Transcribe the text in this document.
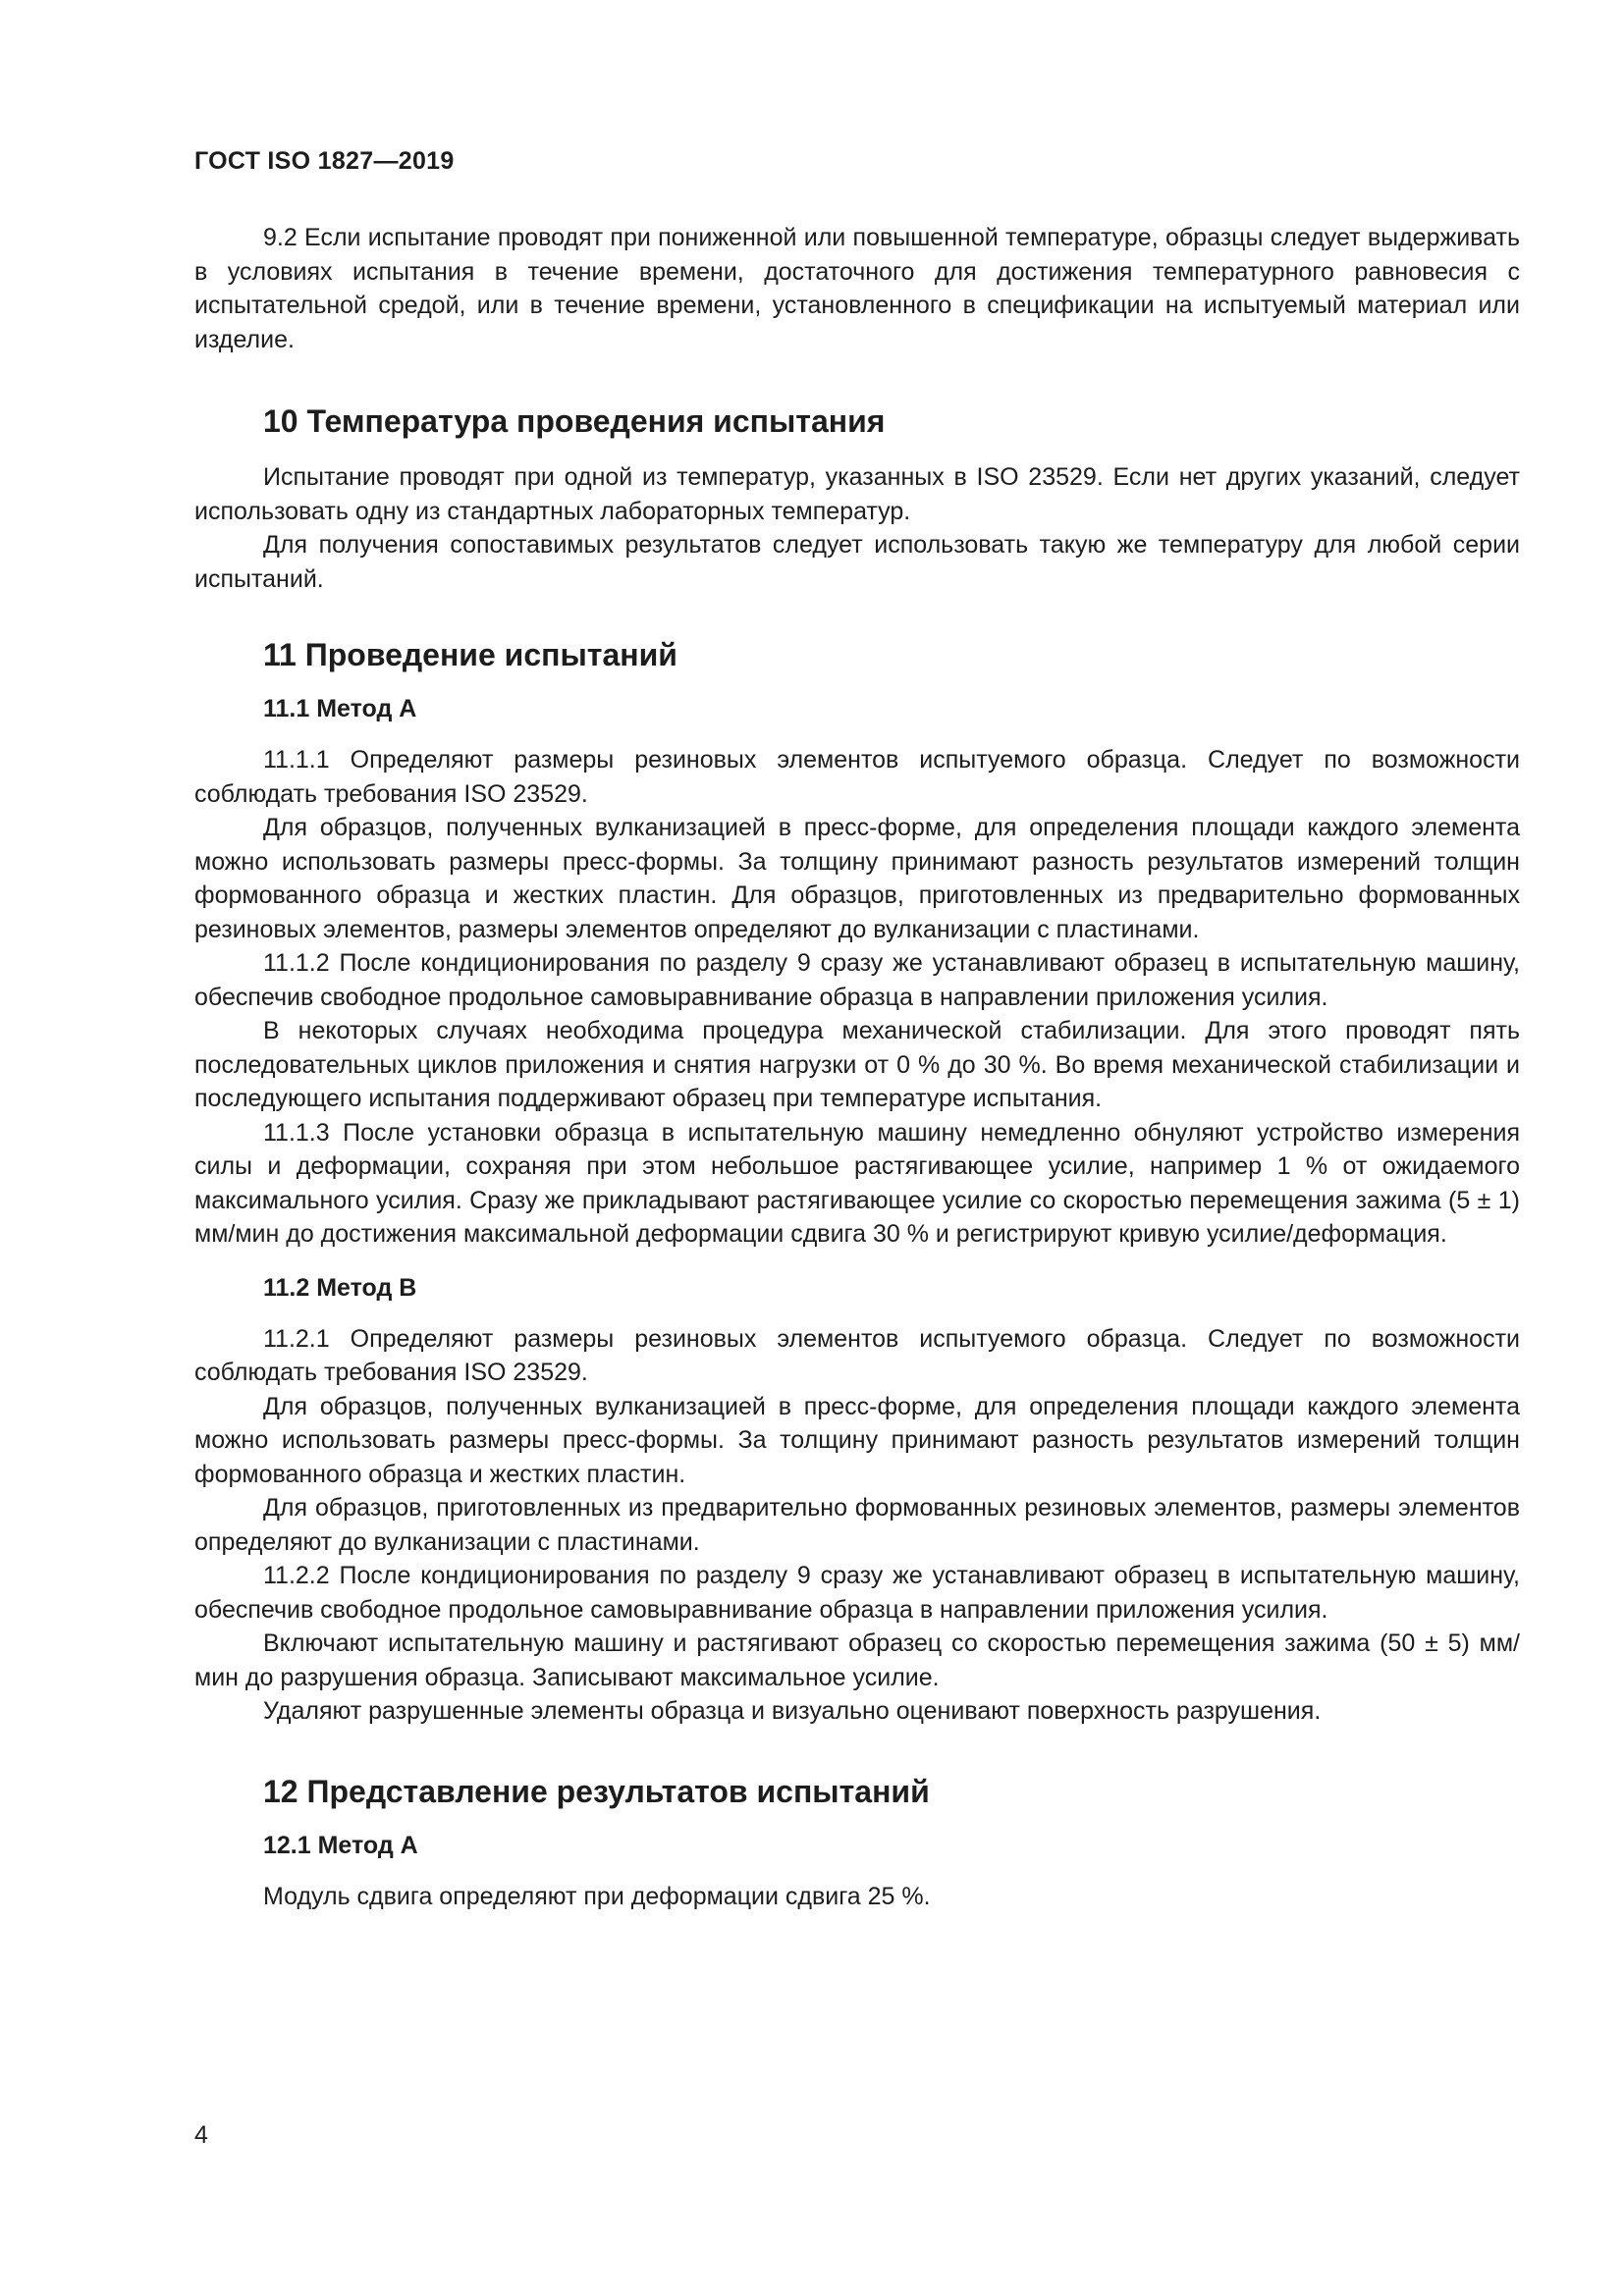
ГОСТ ISO 1827—2019

9.2 Если испытание проводят при пониженной или повышенной температуре, образцы следует выдерживать в условиях испытания в течение времени, достаточного для достижения температурного равновесия с испытательной средой, или в течение времени, установленного в спецификации на испытуемый материал или изделие.

10 Температура проведения испытания

Испытание проводят при одной из температур, указанных в ISO 23529. Если нет других указаний, следует использовать одну из стандартных лабораторных температур.

Для получения сопоставимых результатов следует использовать такую же температуру для любой серии испытаний.

11 Проведение испытаний
11.1 Метод А

11.1.1 Определяют размеры резиновых элементов испытуемого образца. Следует по возможности соблюдать требования ISO 23529.

Для образцов, полученных вулканизацией в пресс-форме, для определения площади каждого элемента можно использовать размеры пресс-формы. За толщину принимают разность результатов измерений толщин формованного образца и жестких пластин. Для образцов, приготовленных из предварительно формованных резиновых элементов, размеры элементов определяют до вулканизации с пластинами.

11.1.2 После кондиционирования по разделу 9 сразу же устанавливают образец в испытательную машину, обеспечив свободное продольное самовыравнивание образца в направлении приложения усилия.

В некоторых случаях необходима процедура механической стабилизации. Для этого проводят пять последовательных циклов приложения и снятия нагрузки от 0 % до 30 %. Во время механической стабилизации и последующего испытания поддерживают образец при температуре испытания.

11.1.3 После установки образца в испытательную машину немедленно обнуляют устройство измерения силы и деформации, сохраняя при этом небольшое растягивающее усилие, например 1 % от ожидаемого максимального усилия. Сразу же прикладывают растягивающее усилие со скоростью перемещения зажима (5 ± 1) мм/мин до достижения максимальной деформации сдвига 30 % и регистрируют кривую усилие/деформация.

11.2 Метод В

11.2.1 Определяют размеры резиновых элементов испытуемого образца. Следует по возможности соблюдать требования ISO 23529.

Для образцов, полученных вулканизацией в пресс-форме, для определения площади каждого элемента можно использовать размеры пресс-формы. За толщину принимают разность результатов измерений толщин формованного образца и жестких пластин.

Для образцов, приготовленных из предварительно формованных резиновых элементов, размеры элементов определяют до вулканизации с пластинами.

11.2.2 После кондиционирования по разделу 9 сразу же устанавливают образец в испытательную машину, обеспечив свободное продольное самовыравнивание образца в направлении приложения усилия.

Включают испытательную машину и растягивают образец со скоростью перемещения зажима (50 ± 5) мм/мин до разрушения образца. Записывают максимальное усилие.

Удаляют разрушенные элементы образца и визуально оценивают поверхность разрушения.

12 Представление результатов испытаний
12.1 Метод А

Модуль сдвига определяют при деформации сдвига 25 %.

4
